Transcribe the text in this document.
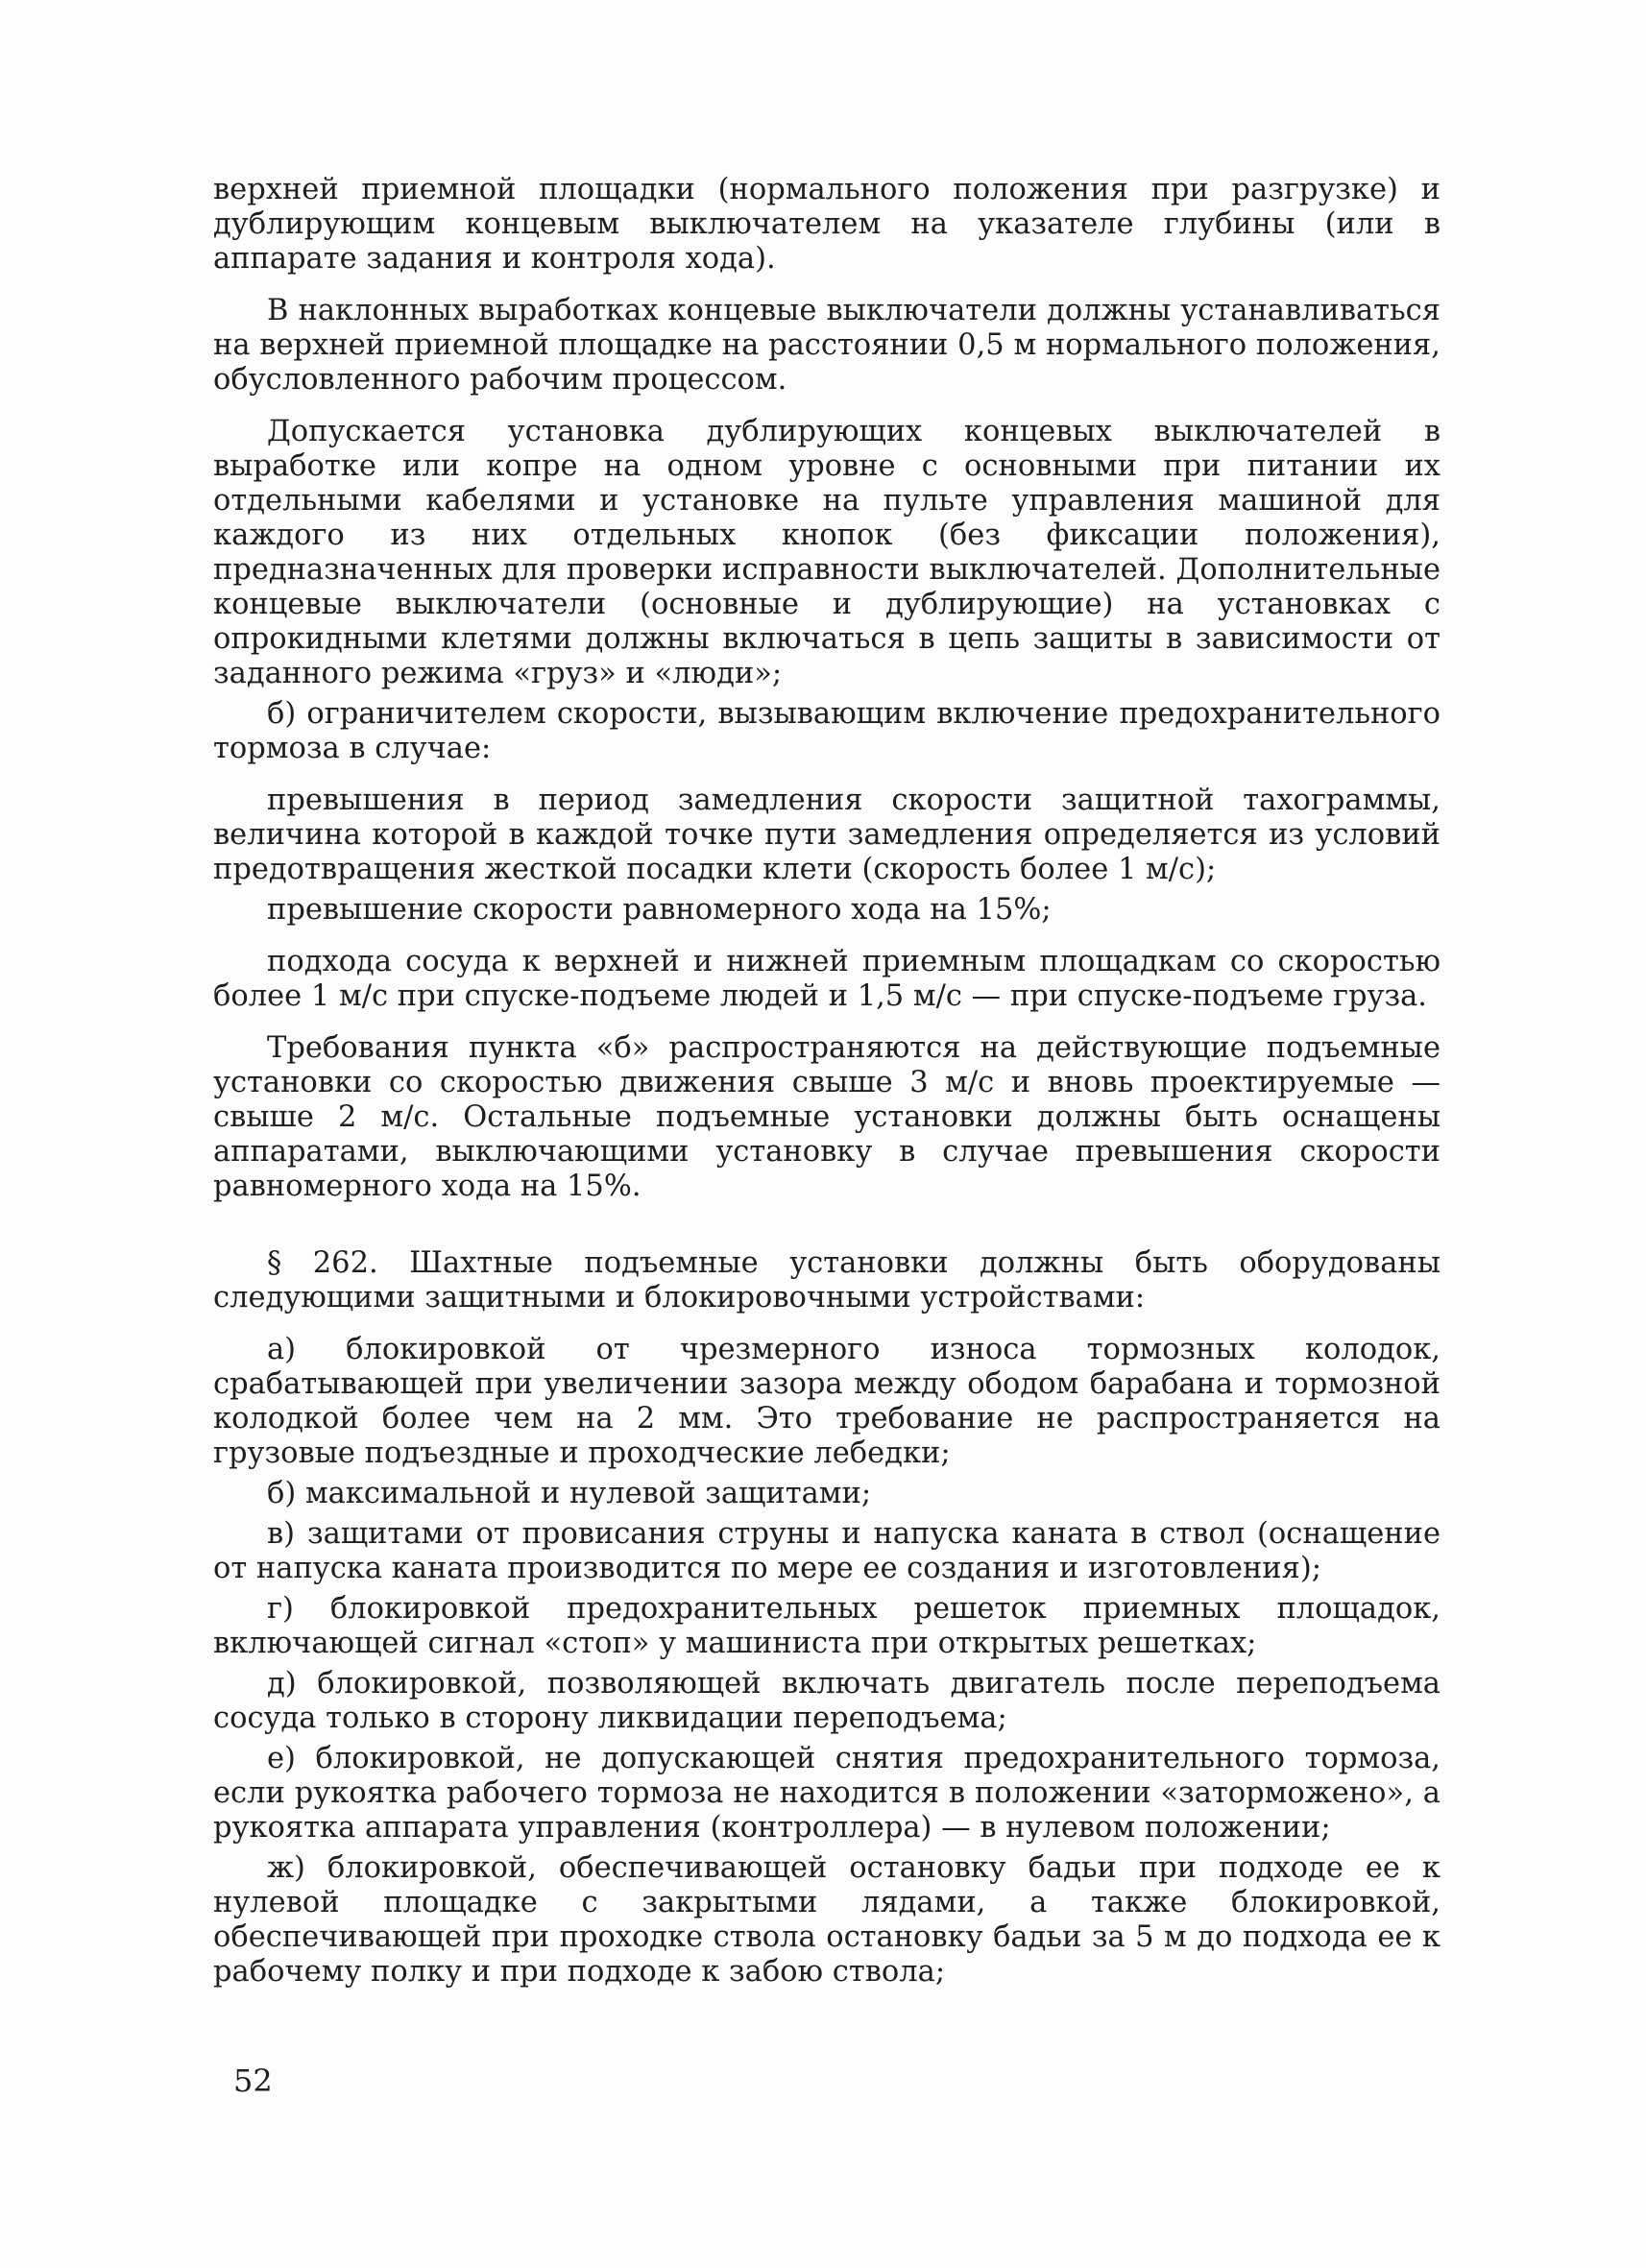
верхней приемной площадки (нормального положения при разгрузке) и дублирующим концевым выключателем на указателе глубины (или в аппарате задания и контроля хода).

В наклонных выработках концевые выключатели должны устанавливаться на верхней приемной площадке на расстоянии 0,5 м нормального положения, обусловленного рабочим процессом.

Допускается установка дублирующих концевых выключателей в выработке или копре на одном уровне с основными при питании их отдельными кабелями и установке на пульте управления машиной для каждого из них отдельных кнопок (без фиксации положения), предназначенных для проверки исправности выключателей. Дополнительные концевые выключатели (основные и дублирующие) на установках с опрокидными клетями должны включаться в цепь защиты в зависимости от заданного режима «груз» и «люди»;

б) ограничителем скорости, вызывающим включение предохранительного тормоза в случае:

превышения в период замедления скорости защитной тахограммы, величина которой в каждой точке пути замедления определяется из условий предотвращения жесткой посадки клети (скорость более 1 м/с);

превышение скорости равномерного хода на 15%;

подхода сосуда к верхней и нижней приемным площадкам со скоростью более 1 м/с при спуске-подъеме людей и 1,5 м/с — при спуске-подъеме груза.

Требования пункта «б» распространяются на действующие подъемные установки со скоростью движения свыше 3 м/с и вновь проектируемые — свыше 2 м/с. Остальные подъемные установки должны быть оснащены аппаратами, выключающими установку в случае превышения скорости равномерного хода на 15%.

§ 262. Шахтные подъемные установки должны быть оборудованы следующими защитными и блокировочными устройствами:

а) блокировкой от чрезмерного износа тормозных колодок, срабатывающей при увеличении зазора между ободом барабана и тормозной колодкой более чем на 2 мм. Это требование не распространяется на грузовые подъездные и проходческие лебедки;

б) максимальной и нулевой защитами;

в) защитами от провисания струны и напуска каната в ствол (оснащение от напуска каната производится по мере ее создания и изготовления);

г) блокировкой предохранительных решеток приемных площадок, включающей сигнал «стоп» у машиниста при открытых решетках;

д) блокировкой, позволяющей включать двигатель после переподъема сосуда только в сторону ликвидации переподъема;

е) блокировкой, не допускающей снятия предохранительного тормоза, если рукоятка рабочего тормоза не находится в положении «заторможено», а рукоятка аппарата управления (контроллера) — в нулевом положении;

ж) блокировкой, обеспечивающей остановку бадьи при подходе ее к нулевой площадке с закрытыми лядами, а также блокировкой, обеспечивающей при проходке ствола остановку бадьи за 5 м до подхода ее к рабочему полку и при подходе к забою ствола;

52
